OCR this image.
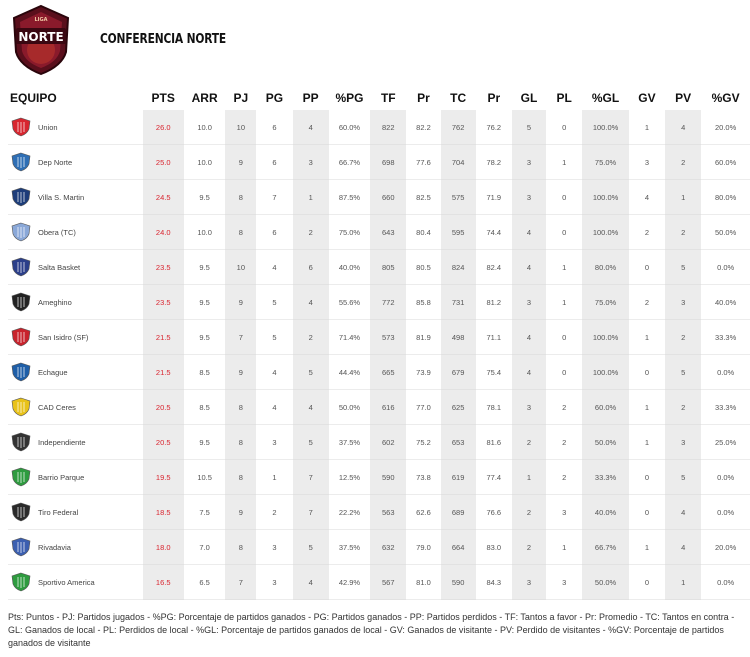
LIGA
NORTE	CONFERENCIA NORTE
EQUIPO	PTS	ARR	PJ	PG	PP	%PG	TF	Pr	TC	Pr	GL	PL	%GL	GV	PV	%GV

Union	26.0	10.0	10	6	4	60.0%	822	82.2	762	76.2	5	0	100.0%	1	4	20.0%

Dep Norte	25.0	10.0	9	6	3	66.7%	698	77.6	704	78.2	3	1	75.0%	3	2	60.0%

Villa S. Martin	24.5	9.5	8	7	1	87.5%	660	82.5	575	71.9	3	0	100.0%	4	1	80.0%

Obera (TC)	24.0	10.0	8	6	2	75.0%	643	80.4	595	74.4	4	0	100.0%	2	2	50.0%

Salta Basket	23.5	9.5	10	4	6	40.0%	805	80.5	824	82.4	4	1	80.0%	0	5	0.0%

Ameghino	23.5	9.5	9	5	4	55.6%	772	85.8	731	81.2	3	1	75.0%	2	3	40.0%

San Isidro (SF)	21.5	9.5	7	5	2	71.4%	573	81.9	498	71.1	4	0	100.0%	1	2	33.3%

Echague	21.5	8.5	9	4	5	44.4%	665	73.9	679	75.4	4	0	100.0%	0	5	0.0%

CAD Ceres	20.5	8.5	8	4	4	50.0%	616	77.0	625	78.1	3	2	60.0%	1	2	33.3%

Independiente	20.5	9.5	8	3	5	37.5%	602	75.2	653	81.6	2	2	50.0%	1	3	25.0%

Barrio Parque	19.5	10.5	8	1	7	12.5%	590	73.8	619	77.4	1	2	33.3%	0	5	0.0%

Tiro Federal	18.5	7.5	9	2	7	22.2%	563	62.6	689	76.6	2	3	40.0%	0	4	0.0%

Rivadavia	18.0	7.0	8	3	5	37.5%	632	79.0	664	83.0	2	1	66.7%	1	4	20.0%

Sportivo America	16.5	6.5	7	3	4	42.9%	567	81.0	590	84.3	3	3	50.0%	0	1	0.0%
Pts: Puntos - PJ: Partidos jugados - %PG: Porcentaje de partidos ganados - PG: Partidos ganados - PP: Partidos perdidos - TF: Tantos a favor - Pr: Promedio - TC: Tantos en contra - GL: Ganados de local - PL: Perdidos de local - %GL: Porcentaje de partidos ganados de local - GV: Ganados de visitante - PV: Perdido de visitantes - %GV: Porcentaje de partidos ganados de visitante
